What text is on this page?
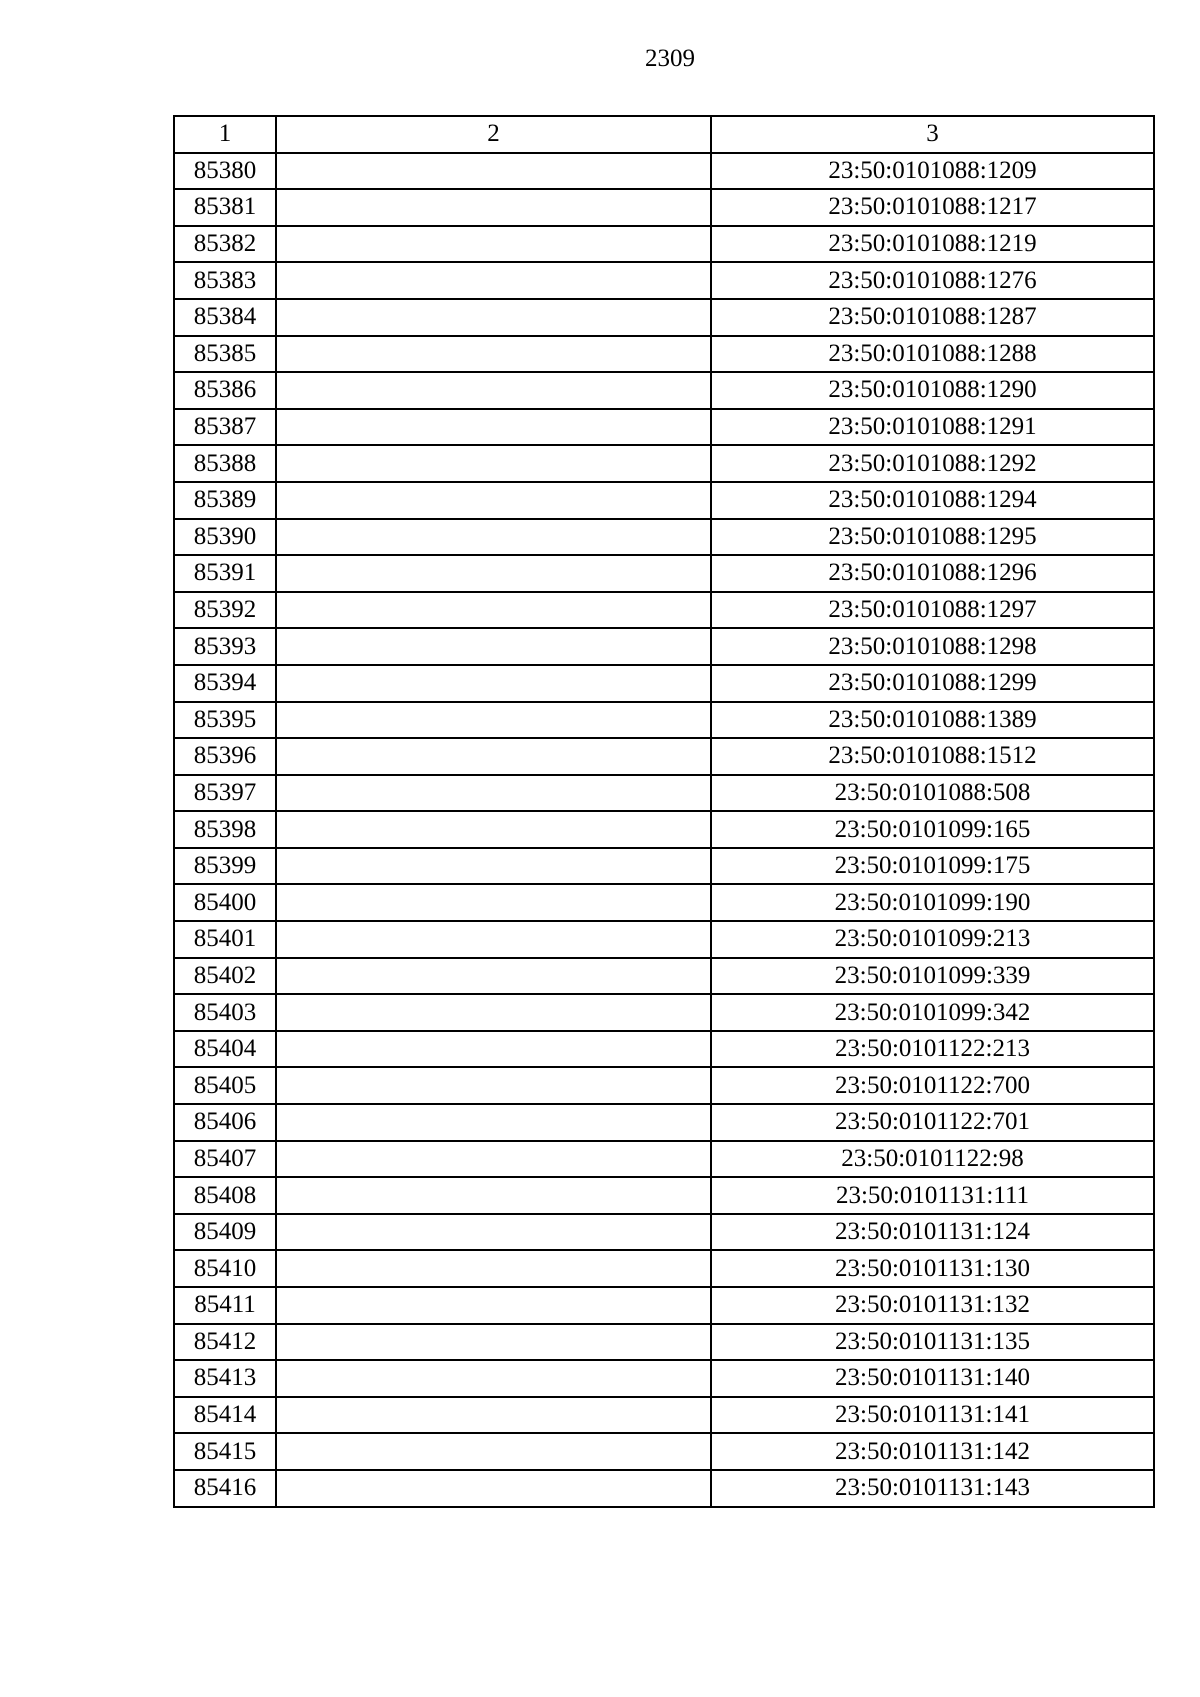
2309
1	2	3
85380		23:50:0101088:1209
85381		23:50:0101088:1217
85382		23:50:0101088:1219
85383		23:50:0101088:1276
85384		23:50:0101088:1287
85385		23:50:0101088:1288
85386		23:50:0101088:1290
85387		23:50:0101088:1291
85388		23:50:0101088:1292
85389		23:50:0101088:1294
85390		23:50:0101088:1295
85391		23:50:0101088:1296
85392		23:50:0101088:1297
85393		23:50:0101088:1298
85394		23:50:0101088:1299
85395		23:50:0101088:1389
85396		23:50:0101088:1512
85397		23:50:0101088:508
85398		23:50:0101099:165
85399		23:50:0101099:175
85400		23:50:0101099:190
85401		23:50:0101099:213
85402		23:50:0101099:339
85403		23:50:0101099:342
85404		23:50:0101122:213
85405		23:50:0101122:700
85406		23:50:0101122:701
85407		23:50:0101122:98
85408		23:50:0101131:111
85409		23:50:0101131:124
85410		23:50:0101131:130
85411		23:50:0101131:132
85412		23:50:0101131:135
85413		23:50:0101131:140
85414		23:50:0101131:141
85415		23:50:0101131:142
85416		23:50:0101131:143
